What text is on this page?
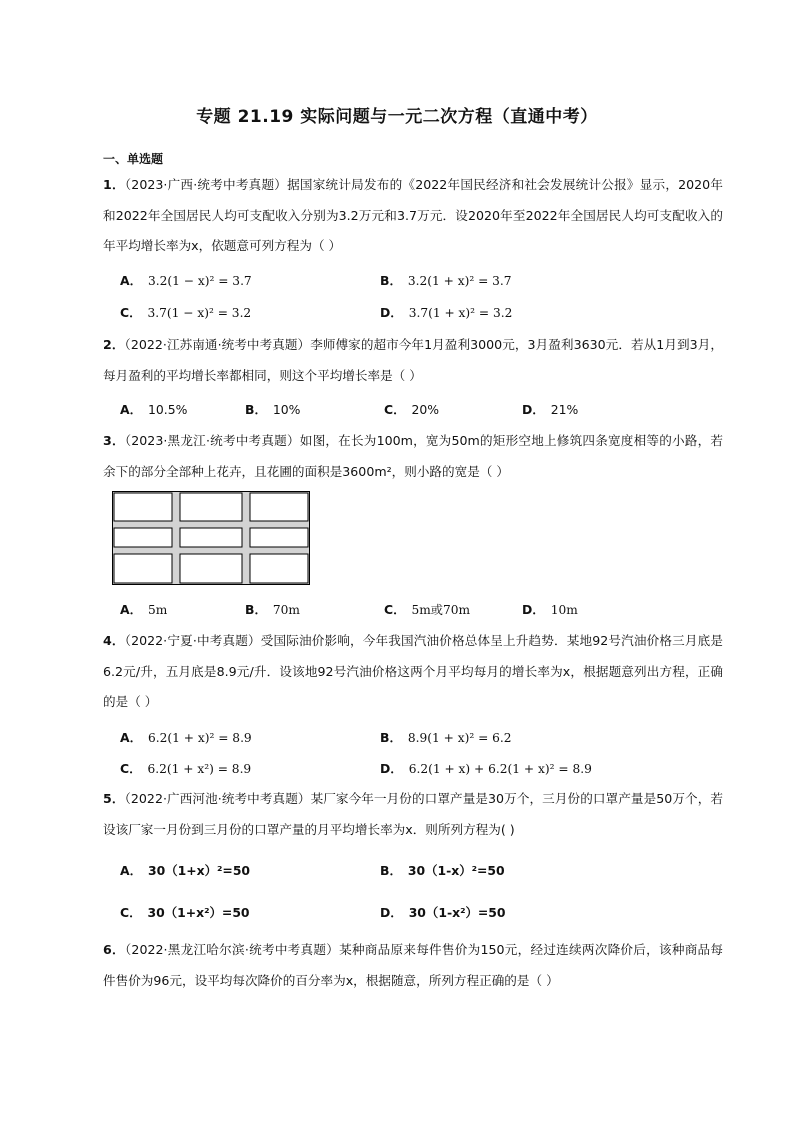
专题 21.19 实际问题与一元二次方程（直通中考）
一、单选题
1．（2023·广西·统考中考真题）据国家统计局发布的《2022年国民经济和社会发展统计公报》显示，2020年和2022年全国居民人均可支配收入分别为3.2万元和3.7万元．设2020年至2022年全国居民人均可支配收入的年平均增长率为x，依题意可列方程为（ ）
A． 3.2(1 − x)² = 3.7	B． 3.2(1 + x)² = 3.7
C． 3.7(1 − x)² = 3.2	D． 3.7(1 + x)² = 3.2
2．（2022·江苏南通·统考中考真题）李师傅家的超市今年1月盈利3000元，3月盈利3630元．若从1月到3月，每月盈利的平均增长率都相同，则这个平均增长率是（ ）
A． 10.5%	B． 10%	C． 20%	D． 21%
3．（2023·黑龙江·统考中考真题）如图，在长为100m，宽为50m的矩形空地上修筑四条宽度相等的小路，若余下的部分全部种上花卉，且花圃的面积是3600m²，则小路的宽是（ ）
A． 5m	B． 70m	C． 5m或70m	D． 10m
4．（2022·宁夏·中考真题）受国际油价影响，今年我国汽油价格总体呈上升趋势．某地92号汽油价格三月底是6.2元/升，五月底是8.9元/升．设该地92号汽油价格这两个月平均每月的增长率为x，根据题意列出方程，正确的是（ ）
A． 6.2(1 + x)² = 8.9	B． 8.9(1 + x)² = 6.2
C． 6.2(1 + x²) = 8.9	D． 6.2(1 + x) + 6.2(1 + x)² = 8.9
5．（2022·广西河池·统考中考真题）某厂家今年一月份的口罩产量是30万个，三月份的口罩产量是50万个，若设该厂家一月份到三月份的口罩产量的月平均增长率为x．则所列方程为( )
A． 30（1+x）²=50	B． 30（1-x）²=50
C． 30（1+x²）=50	D． 30（1-x²）=50
6．（2022·黑龙江哈尔滨·统考中考真题）某种商品原来每件售价为150元，经过连续两次降价后，该种商品每件售价为96元，设平均每次降价的百分率为x，根据随意，所列方程正确的是（ ）
